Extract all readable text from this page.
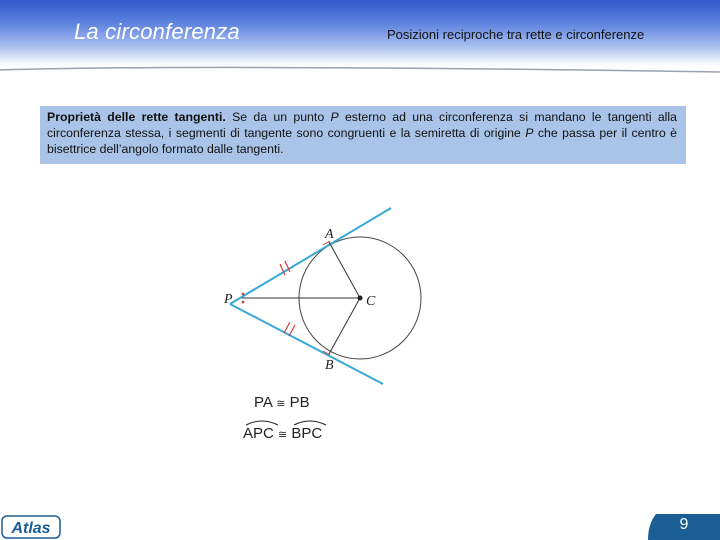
La circonferenza	Posizioni reciproche tra rette e circonferenze
Proprietà delle rette tangenti. Se da un punto P esterno ad una circonferenza si mandano le tangenti alla circonferenza stessa, i segmenti di tangente sono congruenti e la semiretta di origine P che passa per il centro è bisettrice dell’angolo formato dalle tangenti.
A
B
C
P
PA ≅ PB
APC ≅ BPC
Atlas	9
